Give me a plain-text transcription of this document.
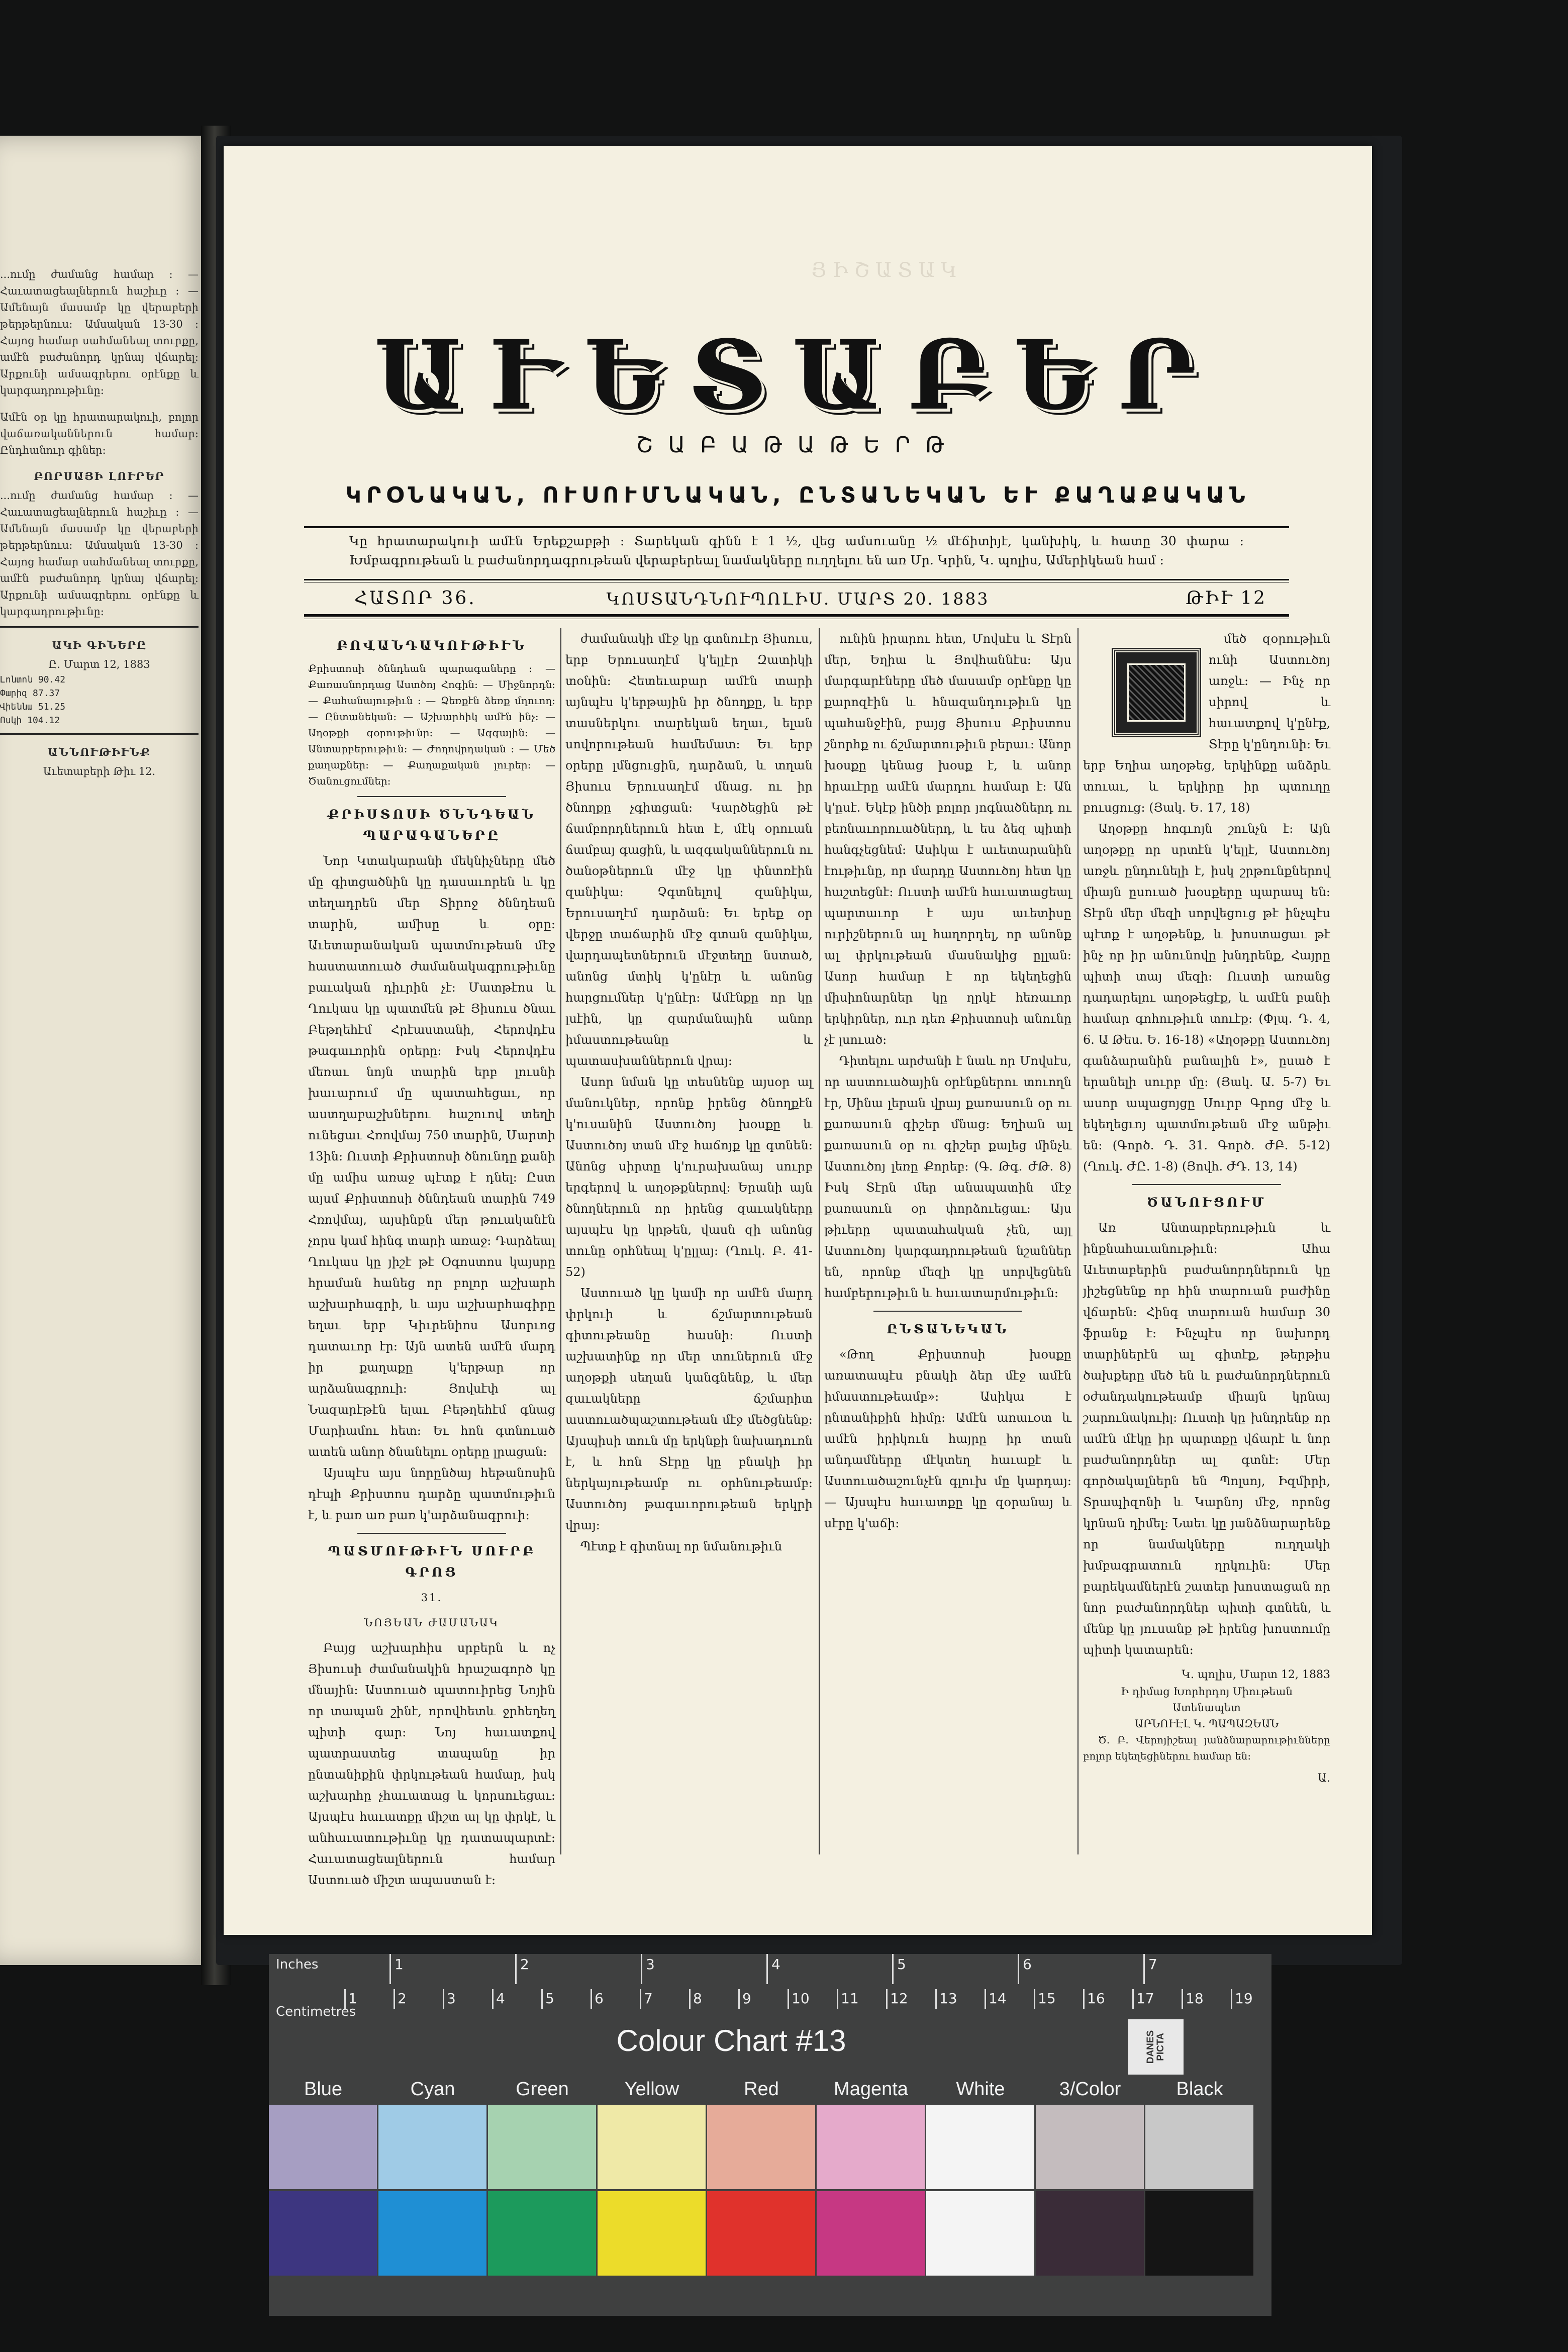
...ումը ժամանց համար ։ — Հաւատացեալներուն հաշիւը ։ — Ամենայն մասամբ կը վերաբերի թերթերնուս։ Ամսական 13-30 ։ Հայոց համար սահմանեալ տուրքը, ամէն բաժանորդ կրնայ վճարել։ Արքունի ամսագրերու օրէնքը և կարգադրութիւնը։
Ամէն օր կը հրատարակուի, բոլոր վաճառականներուն համար։ Ընդհանուր գիներ։
ԲՈՐՍԱՅԻ ԼՈՒՐԵՐ
...ումը ժամանց համար ։ — Հաւատացեալներուն հաշիւը ։ — Ամենայն մասամբ կը վերաբերի թերթերնուս։ Ամսական 13-30 ։ Հայոց համար սահմանեալ տուրքը, ամէն բաժանորդ կրնայ վճարել։ Արքունի ամսագրերու օրէնքը և կարգադրութիւնը։
ԱԿԻ ԳԻՆԵՐԸ
Ը. Մարտ 12, 1883
Լոնտոն 90.42
Փարիզ 87.37
Վիեննա 51.25
Ոսկի 104.12
ԱՆՆՈՒԹԻՒՆՔ
Աւետաբերի Թիւ 12.
ՅԻՇԱՏԱԿ
ԱՒԵՏԱԲԵՐ
ՇԱԲԱԹԱԹԵՐԹ
ԿՐՕՆԱԿԱՆ, ՈՒՍՈՒՄՆԱԿԱՆ, ԸՆՏԱՆԵԿԱՆ ԵՒ ՔԱՂԱՔԱԿԱՆ
Կը հրատարակուի ամէն Երեքշաբթի ։ Տարեկան գինն է 1 ½, վեց ամսուանը ½ մէճիտիյէ, կանխիկ, և հատը 30 փարա ։ Խմբագրութեան և բաժանորդագրութեան վերաբերեալ նամակները ուղղելու են առ Մր. Կրին, Կ. պոլիս, Ամերիկեան համ ։
ՀԱՏՈՐ 36.	ԿՈՍՏԱՆԴՆՈՒՊՈԼԻՍ. ՄԱՐՏ 20. 1883	ԹԻՒ 12
ԲՈՎԱՆԴԱԿՈՒԹԻՒՆ
Քրիստոսի ծննդեան պարագաները ։ — Քառասնորդաց Աստծոյ Հոգին։ — Միջնորդն։ — Քահանայութիւն ։ — Ձեռքէն ձեռք մղուող։ — Ընտանեկան։ — Աշխարհիկ ամէն ինչ։ — Աղօթքի զօրութիւնը։ — Ազգային։ — Անտարբերութիւն։ — Ժողովրդական ։ — Մեծ քաղաքներ։ — Քաղաքական լուրեր։ — Ծանուցումներ։
ՔՐԻՍՏՈՍԻ ԾՆՆԴԵԱՆ ՊԱՐԱԳԱՆԵՐԸ

Նոր Կտակարանի մեկնիչները մեծ մը գիտցածնին կը դասաւորեն և կը տեղադրեն մեր Տիրոջ ծննդեան տարին, ամիսը և օրը։ Աւետարանական պատմութեան մէջ հաստատուած ժամանակագրութիւնը բաւական դիւրին չէ։ Մատթէոս և Ղուկաս կը պատմեն թէ Յիսուս ծնաւ Բեթղեհէմ Հրէաստանի, Հերովդէս թագաւորին օրերը։ Իսկ Հերովդէս մեռաւ նոյն տարին երբ լուսնի խաւարում մը պատահեցաւ, որ աստղաբաշխներու հաշուով տեղի ունեցաւ Հռովմայ 750 տարին, Մարտի 13ին։ Ուստի Քրիստոսի ծնունդը քանի մը ամիս առաջ պէտք է դնել։ Ըստ այսմ Քրիստոսի ծննդեան տարին 749 Հռովմայ, այսինքն մեր թուականէն չորս կամ հինգ տարի առաջ։ Դարձեալ Ղուկաս կը յիշէ թէ Օգոստոս կայսրը հրաման հանեց որ բոլոր աշխարհ աշխարհագրի, և այս աշխարհագիրը եղաւ երբ Կիւրենիոս Ասորւոց դատաւոր էր։ Այն ատեն ամէն մարդ իր քաղաքը կ'երթար որ արձանագրուի։ Յովսէփ ալ Նազարէթէն ելաւ Բեթղեհէմ գնաց Մարիամու հետ։ Եւ հոն գտնուած ատեն անոր ծնանելու օրերը լրացան։

Այսպէս այս նորընծայ հեթանոսին դէպի Քրիստոս դարձը պատմութիւն է, և բառ առ բառ կ'արձանագրուի։

ՊԱՏՄՈՒԹԻՒՆ ՍՈՒՐԲ ԳՐՈՑ
31.
ՆՈՅԵԱՆ ԺԱՄԱՆԱԿ

Բայց աշխարհիս սրբերն և ոչ Յիսուսի ժամանակին հրաշագործ կը մնային։ Աստուած պատուիրեց Նոյին որ տապան շինէ, որովհետև ջրհեղեղ պիտի գար։ Նոյ հաւատքով պատրաստեց տապանը իր ընտանիքին փրկութեան համար, իսկ աշխարհը չհաւատաց և կորսուեցաւ։ Այսպէս հաւատքը միշտ ալ կը փրկէ, և անհաւատութիւնը կը դատապարտէ։ Հաւատացեալներուն համար Աստուած միշտ ապաստան է։

ժամանակի մէջ կը գտնուէր Յիսուս, երբ Երուսաղէմ կ'ելլէր Զատիկի տօնին։ Հետեւաբար ամէն տարի այնպէս կ'երթային իր ծնողքը, և երբ տասներկու տարեկան եղաւ, ելան սովորութեան համեմատ։ Եւ երբ օրերը լմնցուցին, դարձան, և տղան Յիսուս Երուսաղէմ մնաց. ու իր ծնողքը չգիտցան։ Կարծեցին թէ ճամբորդներուն հետ է, մէկ օրուան ճամբայ գացին, և ազգականներուն ու ծանօթներուն մէջ կը փնտռէին զանիկա։ Չգտնելով զանիկա, Երուսաղէմ դարձան։ Եւ երեք օր վերջը տաճարին մէջ գտան զանիկա, վարդապետներուն մէջտեղը նստած, անոնց մտիկ կ'ընէր և անոնց հարցումներ կ'ընէր։ Ամէնքը որ կը լսէին, կը զարմանային անոր իմաստութեանը և պատասխաններուն վրայ։

Ասոր նման կը տեսնենք այսօր ալ մանուկներ, որոնք իրենց ծնողքէն կ'ուսանին Աստուծոյ խօսքը և Աստուծոյ տան մէջ հաճոյք կը գտնեն։ Անոնց սիրտը կ'ուրախանայ սուրբ երգերով և աղօթքներով։ Երանի այն ծնողներուն որ իրենց զաւակները այսպէս կը կրթեն, վասն զի անոնց տունը օրհնեալ կ'ըլլայ։ (Ղուկ. Բ. 41-52)

Աստուած կը կամի որ ամէն մարդ փրկուի և ճշմարտութեան գիտութեանը հասնի։ Ուստի աշխատինք որ մեր տուներուն մէջ աղօթքի սեղան կանգնենք, և մեր զաւակները ճշմարիտ աստուածպաշտութեան մէջ մեծցնենք։ Այսպիսի տուն մը երկնքի նախադուռն է, և հոն Տէրը կը բնակի իր ներկայութեամբ ու օրհնութեամբ։ Աստուծոյ թագաւորութեան երկրի վրայ։

Պէտք է գիտնալ որ նմանութիւն

ունին իրարու հետ, Մովսէս և Տէրն մեր, Եղիա և Յովհաննէս։ Այս մարգարէները մեծ մասամբ օրէնքը կը քարոզէին և հնազանդութիւն կը պահանջէին, բայց Յիսուս Քրիստոս շնորհք ու ճշմարտութիւն բերաւ։ Անոր խօսքը կենաց խօսք է, և անոր հրաւէրը ամէն մարդու համար է։ Ան կ'ըսէ. Եկէք ինծի բոլոր յոգնածներդ ու բեռնաւորուածներդ, և ես ձեզ պիտի հանգչեցնեմ։ Ասիկա է աւետարանին էութիւնը, որ մարդը Աստուծոյ հետ կը հաշտեցնէ։ Ուստի ամէն հաւատացեալ պարտաւոր է այս աւետիսը ուրիշներուն ալ հաղորդել, որ անոնք ալ փրկութեան մասնակից ըլլան։ Ասոր համար է որ եկեղեցին միսիոնարներ կը ղրկէ հեռաւոր երկիրներ, ուր դեռ Քրիստոսի անունը չէ լսուած։

Դիտելու արժանի է նաև որ Մովսէս, որ աստուածային օրէնքներու տուողն էր, Սինա լերան վրայ քառասուն օր ու քառասուն գիշեր մնաց։ Եղիան ալ քառասուն օր ու գիշեր քալեց մինչև Աստուծոյ լեռը Քորեբ։ (Գ. Թգ. ԺԹ. 8) Իսկ Տէրն մեր անապատին մէջ քառասուն օր փորձուեցաւ։ Այս թիւերը պատահական չեն, այլ Աստուծոյ կարգադրութեան նշաններ են, որոնք մեզի կը սորվեցնեն համբերութիւն և հաւատարմութիւն։

ԸՆՏԱՆԵԿԱՆ

«Թող Քրիստոսի խօսքը առատապէս բնակի ձեր մէջ ամէն իմաստութեամբ»։ Ասիկա է ընտանիքին հիմը։ Ամէն առաւօտ և ամէն իրիկուն հայրը իր տան անդամները մէկտեղ հաւաքէ և Աստուածաշունչէն գլուխ մը կարդայ։ — Այսպէս հաւատքը կը զօրանայ և սէրը կ'աճի։

մեծ զօրութիւն ունի Աստուծոյ առջև։ — Ինչ որ սիրով և հաւատքով կ'ընէք, Տէրը կ'ընդունի։ Եւ երբ Եղիա աղօթեց, երկինքը անձրև տուաւ, և երկիրը իր պտուղը բուսցուց։ (Յակ. Ե. 17, 18)

Աղօթքը հոգւոյն շունչն է։ Այն աղօթքը որ սրտէն կ'ելլէ, Աստուծոյ առջև ընդունելի է, իսկ շրթունքներով միայն ըսուած խօսքերը պարապ են։ Տէրն մեր մեզի սորվեցուց թէ ինչպէս պէտք է աղօթենք, և խոստացաւ թէ ինչ որ իր անունովը խնդրենք, Հայրը պիտի տայ մեզի։ Ուստի առանց դադարելու աղօթեցէք, և ամէն բանի համար գոհութիւն տուէք։ (Փլպ. Դ. 4, 6. Ա Թես. Ե. 16-18) «Աղօթքը Աստուծոյ գանձարանին բանալին է», ըսած է երանելի սուրբ մը։ (Յակ. Ա. 5-7) Եւ ասոր ապացոյցը Սուրբ Գրոց մէջ և եկեղեցւոյ պատմութեան մէջ անթիւ են։ (Գործ. Դ. 31. Գործ. ԺԲ. 5-12) (Ղուկ. ԺԸ. 1-8) (Յովհ. ԺԴ. 13, 14)

ԾԱՆՈՒՑՈՒՄ

Առ Անտարբերութիւն և ինքնահաւանութիւն։ Ահա Աւետաբերին բաժանորդներուն կը յիշեցնենք որ հին տարուան բաժինը վճարեն։ Հինգ տարուան համար 30 ֆրանք է։ Ինչպէս որ նախորդ տարիներէն ալ գիտէք, թերթիս ծախքերը մեծ են և բաժանորդներուն օժանդակութեամբ միայն կրնայ շարունակուիլ։ Ուստի կը խնդրենք որ ամէն մէկը իր պարտքը վճարէ և նոր բաժանորդներ ալ գտնէ։ Մեր գործակալներն են Պոլսոյ, Իզմիրի, Տրապիզոնի և Կարնոյ մէջ, որոնց կրնան դիմել։ Նաեւ կը յանձնարարենք որ նամակները ուղղակի խմբագրատուն ղրկուին։ Մեր բարեկամներէն շատեր խոստացան որ նոր բաժանորդներ պիտի գտնեն, և մենք կը յուսանք թէ իրենց խոստումը պիտի կատարեն։

Կ. պոլիս, Մարտ 12, 1883
Ի դիմաց Խորհրդոյ Միութեան
Ատենապետ
ԱՐՆՈՒԷԼ Կ. ՊԱՊԱԶԵԱՆ

Ծ. Բ. Վերոյիշեալ յանձնարարութիւնները բոլոր եկեղեցիներու համար են։

Ա.
1	2	3	4	5	6	7
1	2	3	4	5	6	7	8	9	10 11 12 13 14 15 16 17 18 19
Inches
Centimetres
Colour Chart #13	DANES PICTA
Blue	Cyan	Green	Yellow	Red	Magenta	White	3/Color	Black
